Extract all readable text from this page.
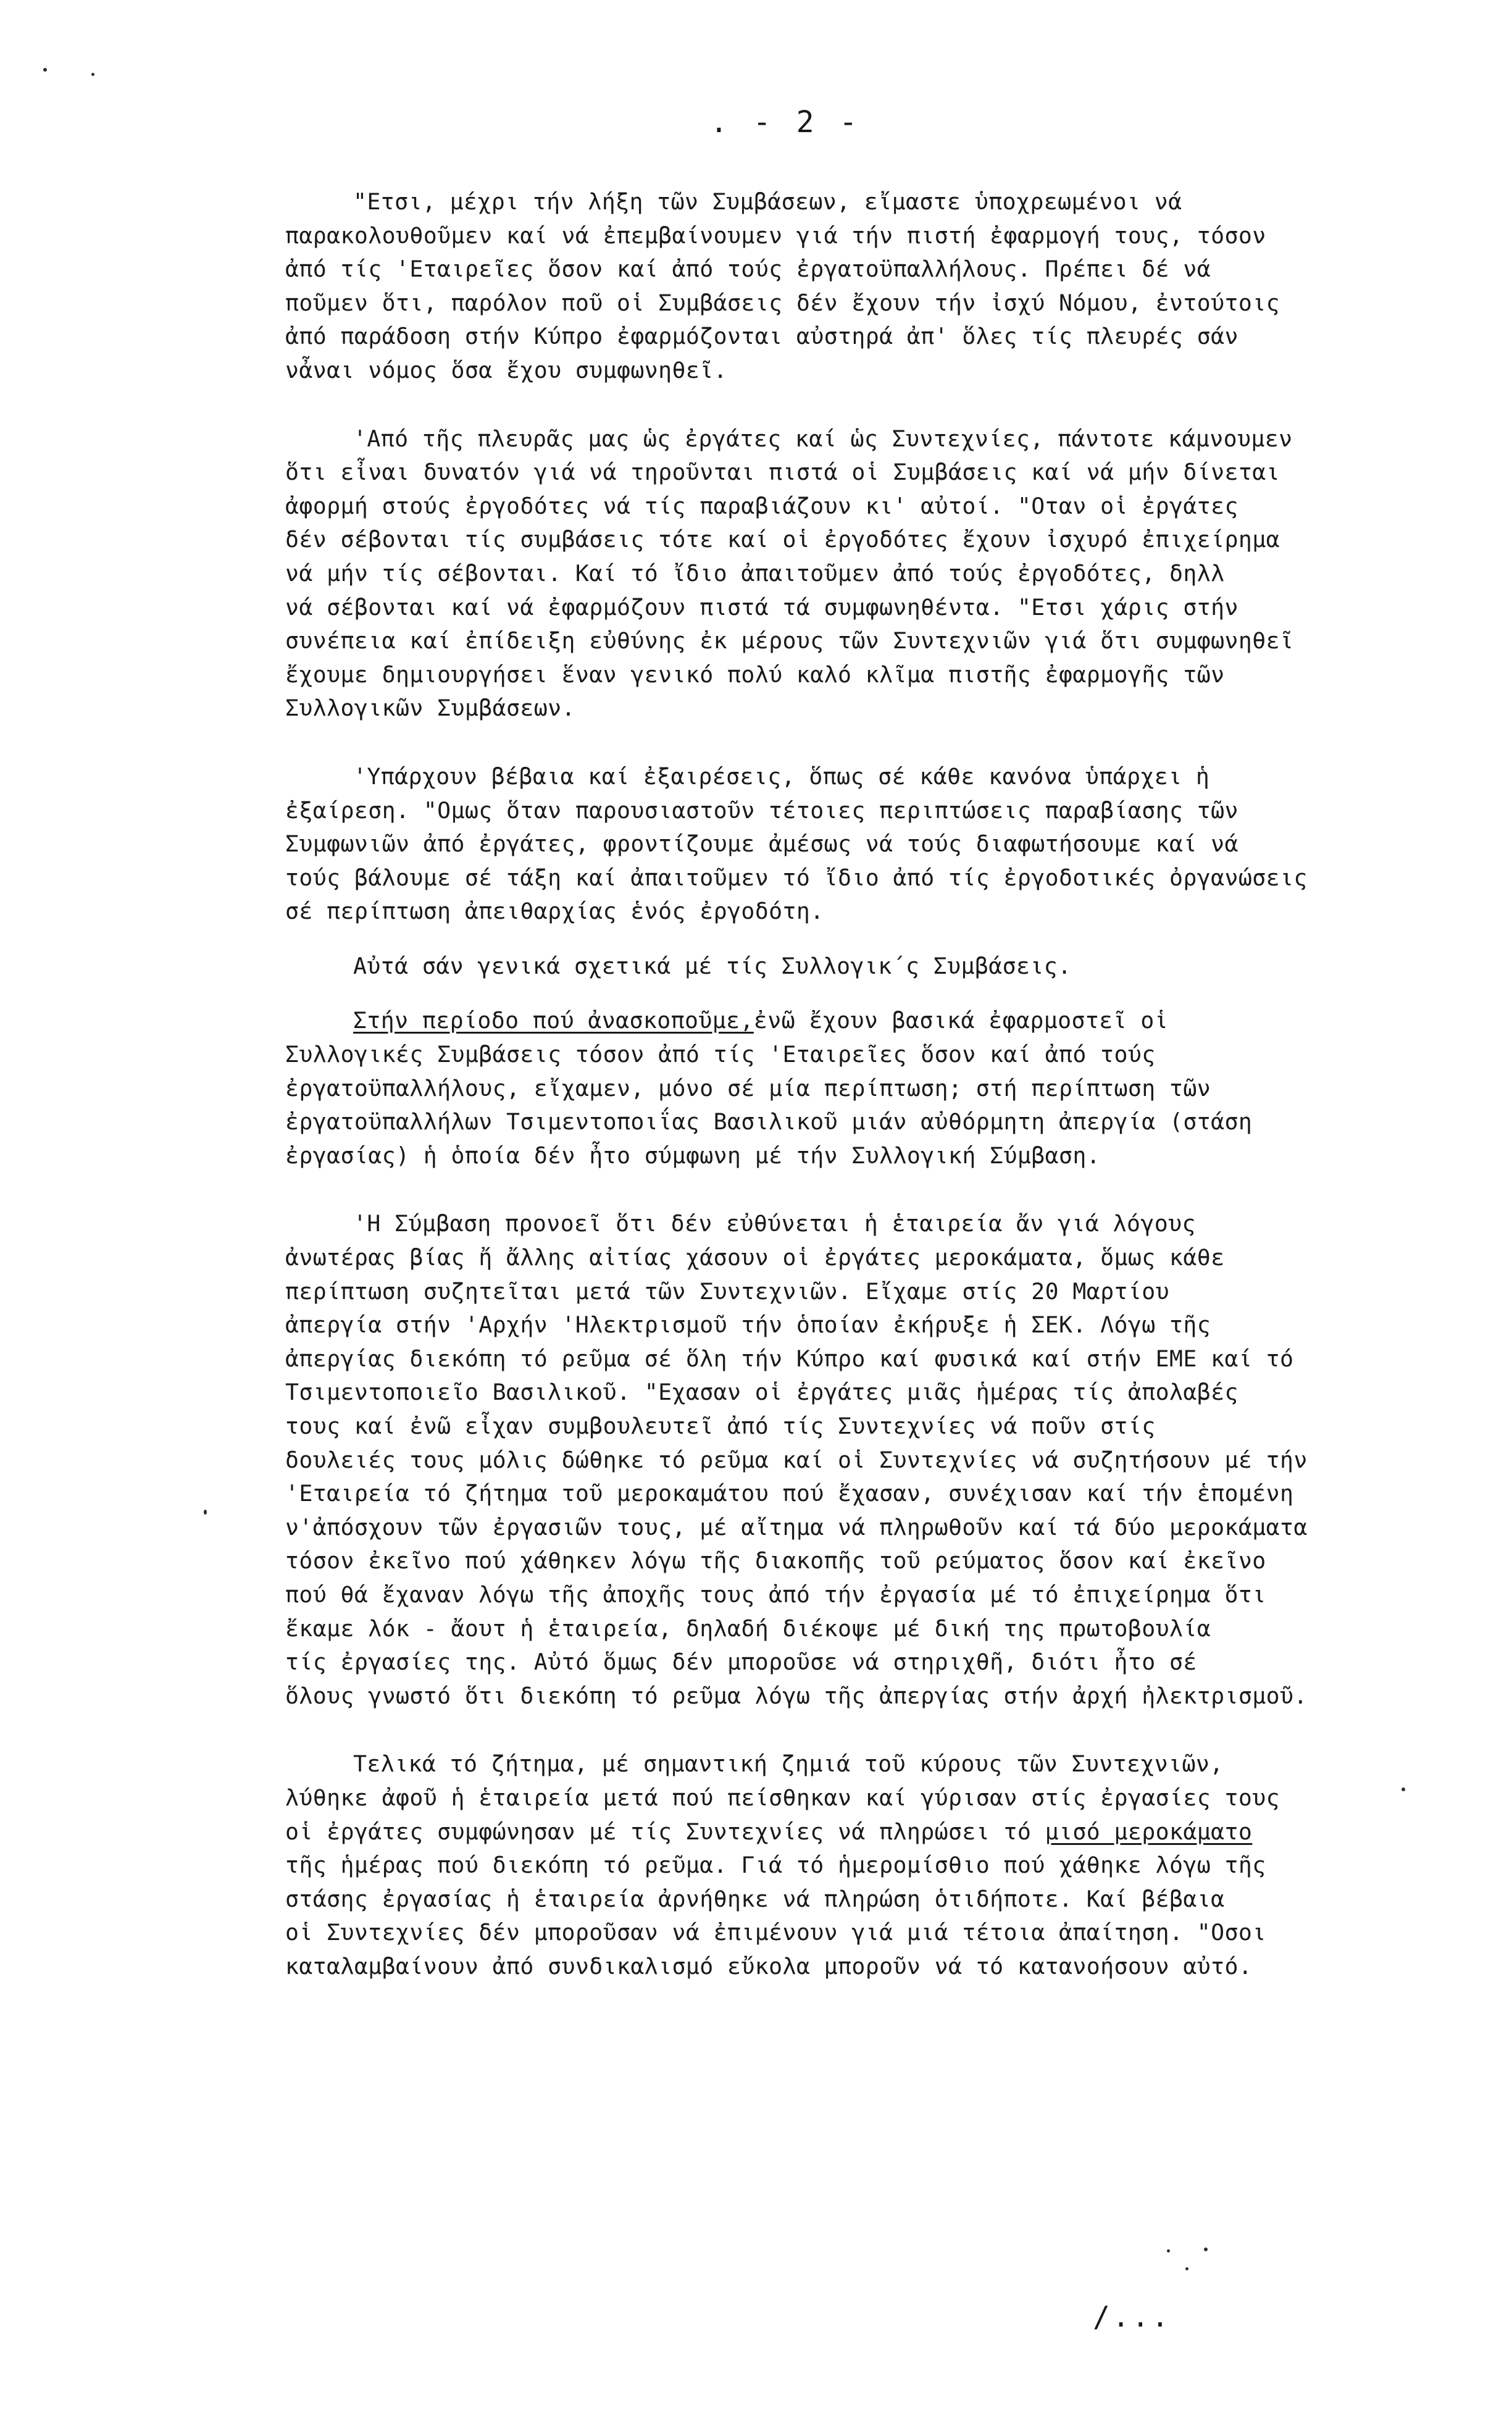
. - 2 -
"Ετσι, μέχρι τήν λήξη τῶν Συμβάσεων, εἴμαστε ὑποχρεωμένοι νά
παρακολουθοῦμεν καί νά ἐπεμβαίνουμεν γιά τήν πιστή ἐφαρμογή τους, τόσον
ἀπό τίς 'Εταιρεῖες ὅσον καί ἀπό τούς ἐργατοϋπαλλήλους. Πρέπει δέ νά
ποῦμεν ὅτι, παρόλον ποῦ οἱ Συμβάσεις δέν ἔχουν τήν ἰσχύ Νόμου, ἐντούτοις
ἀπό παράδοση στήν Κύπρο ἐφαρμόζονται αὐστηρά ἀπ' ὅλες τίς πλευρές σάν
νἆναι νόμος ὅσα ἔχου συμφωνηθεῖ.
'Από τῆς πλευρᾶς μας ὡς ἐργάτες καί ὡς Συντεχνίες, πάντοτε κάμνουμεν
ὅτι εἶναι δυνατόν γιά νά τηροῦνται πιστά οἱ Συμβάσεις καί νά μήν δίνεται
ἀφορμή στούς ἐργοδότες νά τίς παραβιάζουν κι' αὐτοί. "Οταν οἱ ἐργάτες
δέν σέβονται τίς συμβάσεις τότε καί οἱ ἐργοδότες ἔχουν ἰσχυρό ἐπιχείρημα
νά μήν τίς σέβονται. Καί τό ἴδιο ἀπαιτοῦμεν ἀπό τούς ἐργοδότες, δηλλ
νά σέβονται καί νά ἐφαρμόζουν πιστά τά συμφωνηθέντα. "Ετσι χάρις στήν
συνέπεια καί ἐπίδειξη εὐθύνης ἐκ μέρους τῶν Συντεχνιῶν γιά ὅτι συμφωνηθεῖ
ἔχουμε δημιουργήσει ἕναν γενικό πολύ καλό κλῖμα πιστῆς ἐφαρμογῆς τῶν
Συλλογικῶν Συμβάσεων.
'Υπάρχουν βέβαια καί ἐξαιρέσεις, ὅπως σέ κάθε κανόνα ὑπάρχει ἡ
ἐξαίρεση. "Ομως ὅταν παρουσιαστοῦν τέτοιες περιπτώσεις παραβίασης τῶν
Συμφωνιῶν ἀπό ἐργάτες, φροντίζουμε ἀμέσως νά τούς διαφωτήσουμε καί νά
τούς βάλουμε σέ τάξη καί ἀπαιτοῦμεν τό ἴδιο ἀπό τίς ἐργοδοτικές ὀργανώσεις
σέ περίπτωση ἀπειθαρχίας ἑνός ἐργοδότη.
Αὐτά σάν γενικά σχετικά μέ τίς Συλλογικ΄ς Συμβάσεις.
Στήν περίοδο πού ἀνασκοποῦμε,ἐνῶ ἔχουν βασικά ἐφαρμοστεῖ οἱ
Συλλογικές Συμβάσεις τόσον ἀπό τίς 'Εταιρεῖες ὅσον καί ἀπό τούς
ἐργατοϋπαλλήλους, εἴχαμεν, μόνο σέ μία περίπτωση; στή περίπτωση τῶν
ἐργατοϋπαλλήλων Τσιμεντοποιΐας Βασιλικοῦ μιάν αὐθόρμητη ἀπεργία (στάση
ἐργασίας) ἡ ὁποία δέν ἦτο σύμφωνη μέ τήν Συλλογική Σύμβαση.
'Η Σύμβαση προνοεῖ ὅτι δέν εὐθύνεται ἡ ἑταιρεία ἄν γιά λόγους
ἀνωτέρας βίας ἤ ἄλλης αἰτίας χάσουν οἱ ἐργάτες μεροκάματα, ὅμως κάθε
περίπτωση συζητεῖται μετά τῶν Συντεχνιῶν. Εἴχαμε στίς 20 Μαρτίου
ἀπεργία στήν 'Αρχήν 'Ηλεκτρισμοῦ τήν ὁποίαν ἐκήρυξε ἡ ΣΕΚ. Λόγω τῆς
ἀπεργίας διεκόπη τό ρεῦμα σέ ὅλη τήν Κύπρο καί φυσικά καί στήν ΕΜΕ καί τό
Τσιμεντοποιεῖο Βασιλικοῦ. "Εχασαν οἱ ἐργάτες μιᾶς ἡμέρας τίς ἀπολαβές
τους καί ἐνῶ εἶχαν συμβουλευτεῖ ἀπό τίς Συντεχνίες νά ποῦν στίς
δουλειές τους μόλις δώθηκε τό ρεῦμα καί οἱ Συντεχνίες νά συζητήσουν μέ τήν
'Εταιρεία τό ζήτημα τοῦ μεροκαμάτου πού ἔχασαν, συνέχισαν καί τήν ἑπομένη
ν'ἀπόσχουν τῶν ἐργασιῶν τους, μέ αἴτημα νά πληρωθοῦν καί τά δύο μεροκάματα
τόσον ἐκεῖνο πού χάθηκεν λόγω τῆς διακοπῆς τοῦ ρεύματος ὅσον καί ἐκεῖνο
πού θά ἔχαναν λόγω τῆς ἀποχῆς τους ἀπό τήν ἐργασία μέ τό ἐπιχείρημα ὅτι
ἔκαμε λόκ - ἄουτ ἡ ἑταιρεία, δηλαδή διέκοψε μέ δική της πρωτοβουλία
τίς ἐργασίες της. Αὐτό ὅμως δέν μποροῦσε νά στηριχθῆ, διότι ἦτο σέ
ὅλους γνωστό ὅτι διεκόπη τό ρεῦμα λόγω τῆς ἀπεργίας στήν ἀρχή ἠλεκτρισμοῦ.
Τελικά τό ζήτημα, μέ σημαντική ζημιά τοῦ κύρους τῶν Συντεχνιῶν,
λύθηκε ἀφοῦ ἡ ἑταιρεία μετά πού πείσθηκαν καί γύρισαν στίς ἐργασίες τους
οἱ ἐργάτες συμφώνησαν μέ τίς Συντεχνίες νά πληρώσει τό μισό μεροκάματο
τῆς ἡμέρας πού διεκόπη τό ρεῦμα. Γιά τό ἡμερομίσθιο πού χάθηκε λόγω τῆς
στάσης ἐργασίας ἡ ἑταιρεία ἀρνήθηκε νά πληρώση ὁτιδήποτε. Καί βέβαια
οἱ Συντεχνίες δέν μποροῦσαν νά ἐπιμένουν γιά μιά τέτοια ἀπαίτηση. "Οσοι
καταλαμβαίνουν ἀπό συνδικαλισμό εὔκολα μποροῦν νά τό κατανοήσουν αὐτό.
/...
